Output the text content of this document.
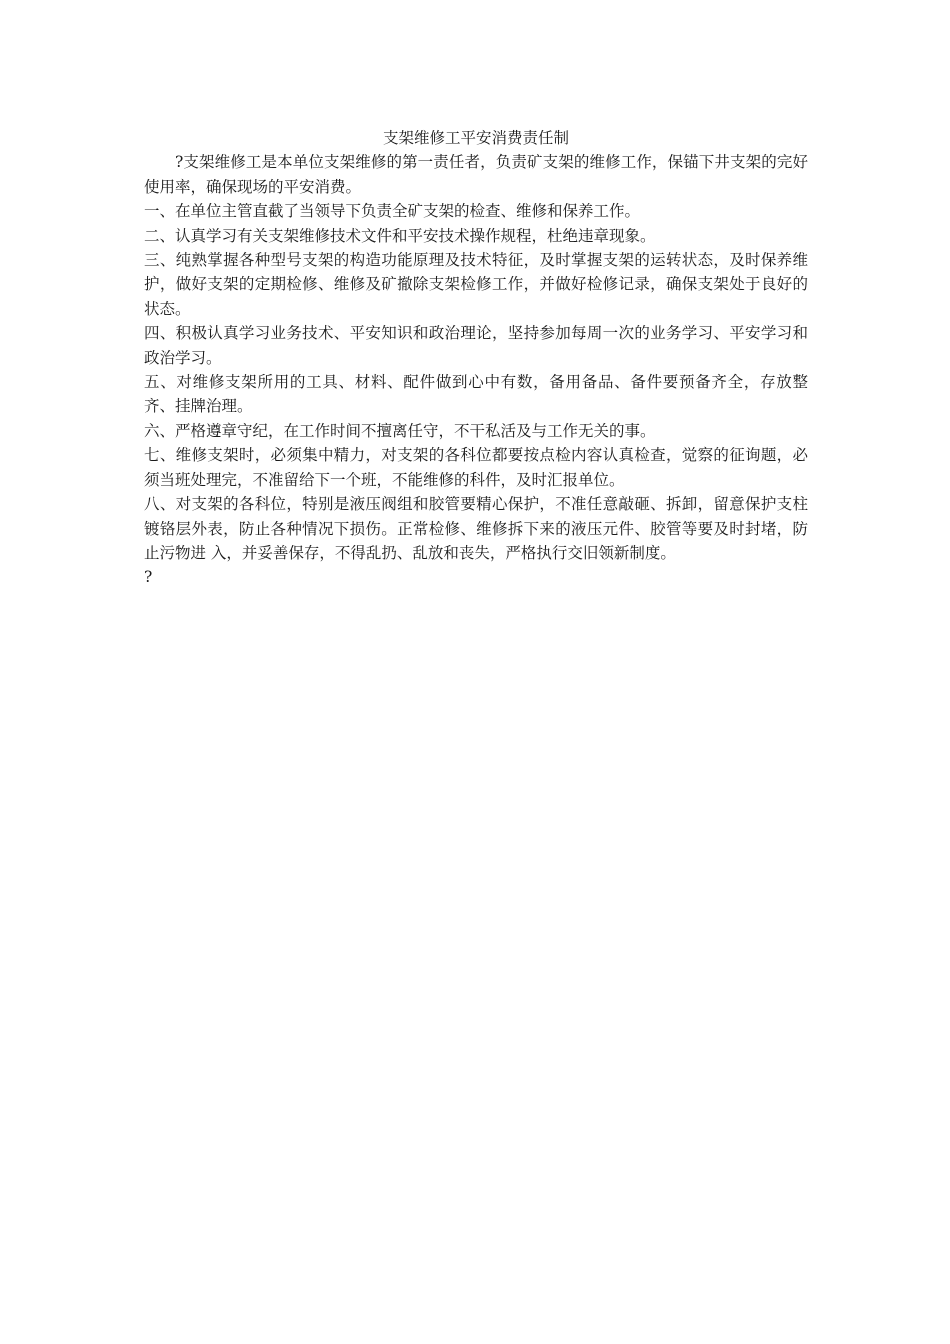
支架维修工平安消费责任制

?支架维修工是本单位支架维修的第一责任者，负责矿支架的维修工作，保锚下井支架的完好使用率，确保现场的平安消费。

一、在单位主管直截了当领导下负责全矿支架的检查、维修和保养工作。

二、认真学习有关支架维修技术文件和平安技术操作规程，杜绝违章现象。

三、纯熟掌握各种型号支架的构造功能原理及技术特征，及时掌握支架的运转状态，及时保养维护，做好支架的定期检修、维修及矿撤除支架检修工作，并做好检修记录，确保支架处于良好的状态。

四、积极认真学习业务技术、平安知识和政治理论，坚持参加每周一次的业务学习、平安学习和政治学习。

五、对维修支架所用的工具、材料、配件做到心中有数，备用备品、备件要预备齐全，存放整齐、挂牌治理。

六、严格遵章守纪，在工作时间不擅离任守，不干私活及与工作无关的事。

七、维修支架时，必须集中精力，对支架的各科位都要按点检内容认真检查，觉察的征询题，必须当班处理完，不准留给下一个班，不能维修的科件，及时汇报单位。

八、对支架的各科位，特别是液压阀组和胶管要精心保护，不准任意敲砸、拆卸，留意保护支柱镀铬层外表，防止各种情况下损伤。正常检修、维修拆下来的液压元件、胶管等要及时封堵，防止污物进 入，并妥善保存，不得乱扔、乱放和丧失，严格执行交旧领新制度。

?
